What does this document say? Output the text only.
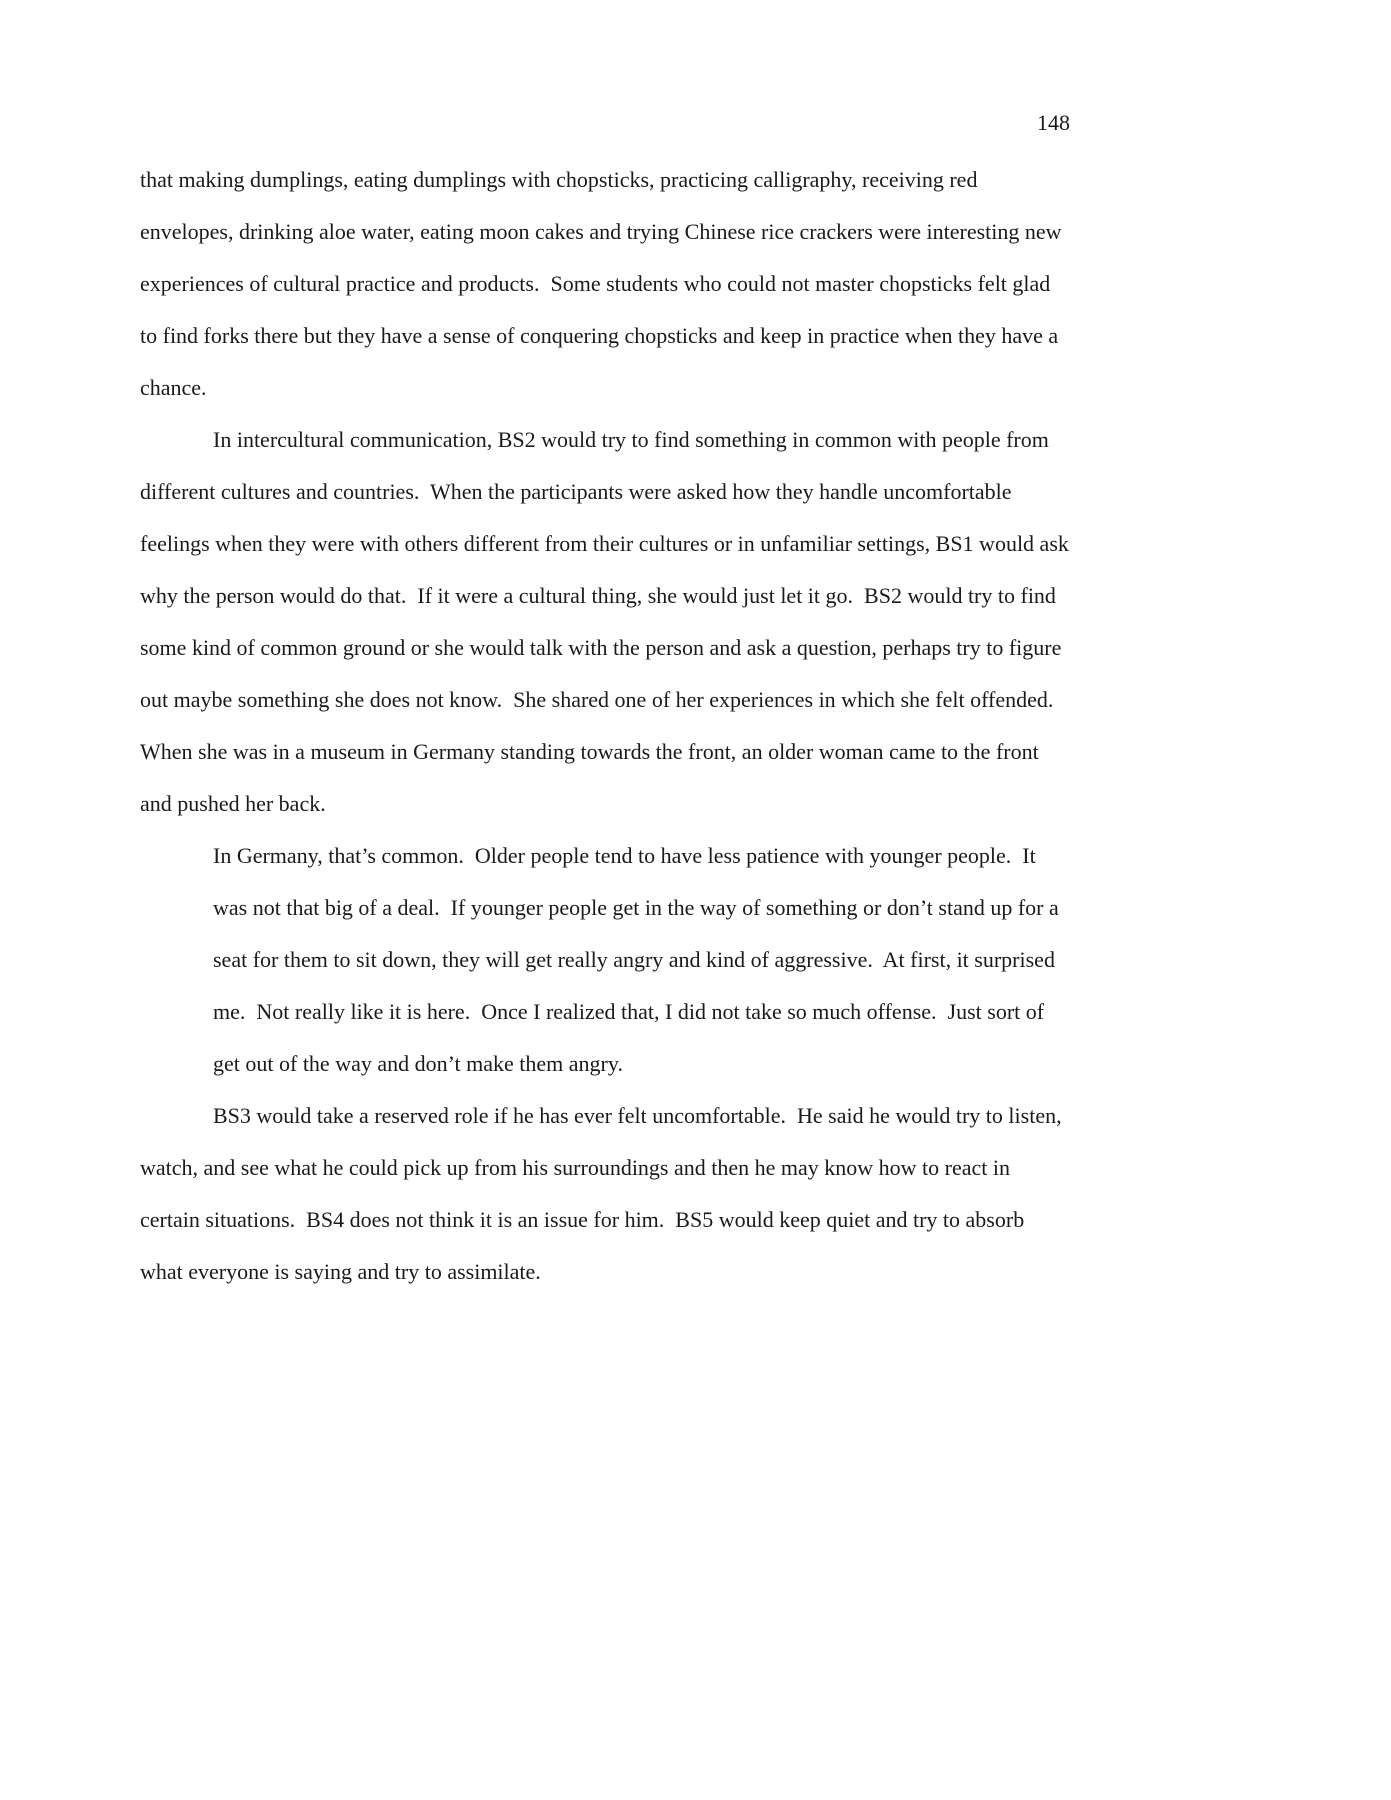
148

that making dumplings, eating dumplings with chopsticks, practicing calligraphy, receiving red envelopes, drinking aloe water, eating moon cakes and trying Chinese rice crackers were interesting new experiences of cultural practice and products.  Some students who could not master chopsticks felt glad to find forks there but they have a sense of conquering chopsticks and keep in practice when they have a chance.

In intercultural communication, BS2 would try to find something in common with people from different cultures and countries.  When the participants were asked how they handle uncomfortable feelings when they were with others different from their cultures or in unfamiliar settings, BS1 would ask why the person would do that.  If it were a cultural thing, she would just let it go.  BS2 would try to find some kind of common ground or she would talk with the person and ask a question, perhaps try to figure out maybe something she does not know.  She shared one of her experiences in which she felt offended.  When she was in a museum in Germany standing towards the front, an older woman came to the front and pushed her back.

In Germany, that’s common.  Older people tend to have less patience with younger people.  It was not that big of a deal.  If younger people get in the way of something or don’t stand up for a seat for them to sit down, they will get really angry and kind of aggressive.  At first, it surprised me.  Not really like it is here.  Once I realized that, I did not take so much offense.  Just sort of get out of the way and don’t make them angry.

BS3 would take a reserved role if he has ever felt uncomfortable.  He said he would try to listen, watch, and see what he could pick up from his surroundings and then he may know how to react in certain situations.  BS4 does not think it is an issue for him.  BS5 would keep quiet and try to absorb what everyone is saying and try to assimilate.
